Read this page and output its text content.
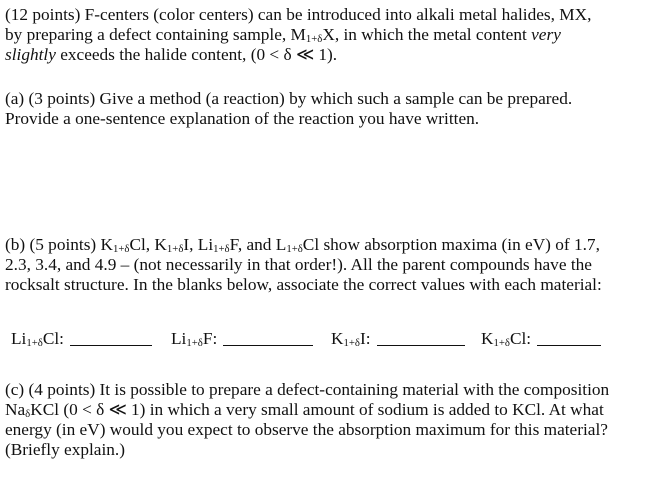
(12 points) F-centers (color centers) can be introduced into alkali metal halides, MX,
by preparing a defect containing sample, $M_{1+\delta}X$, in which the metal content very
slightly exceeds the halide content, (0 < δ ≪ 1).
(a) (3 points) Give a method (a reaction) by which such a sample can be prepared.
Provide a one-sentence explanation of the reaction you have written.
(b) (5 points) $K_{1+\delta}Cl$, $K_{1+\delta}I$, $Li_{1+\delta}F$, and $L_{1+\delta}Cl$ show absorption maxima (in eV) of 1.7,
2.3, 3.4, and 4.9 – (not necessarily in that order!). All the parent compounds have the
rocksalt structure. In the blanks below, associate the correct values with each material:
$Li_{1+\delta}Cl$:	$Li_{1+\delta}F$:	$K_{1+\delta}I$:	$K_{1+\delta}Cl$:
(c) (4 points) It is possible to prepare a defect-containing material with the composition
$Na_\delta KCl$ (0 < δ ≪ 1) in which a very small amount of sodium is added to KCl. At what
energy (in eV) would you expect to observe the absorption maximum for this material?
(Briefly explain.)
